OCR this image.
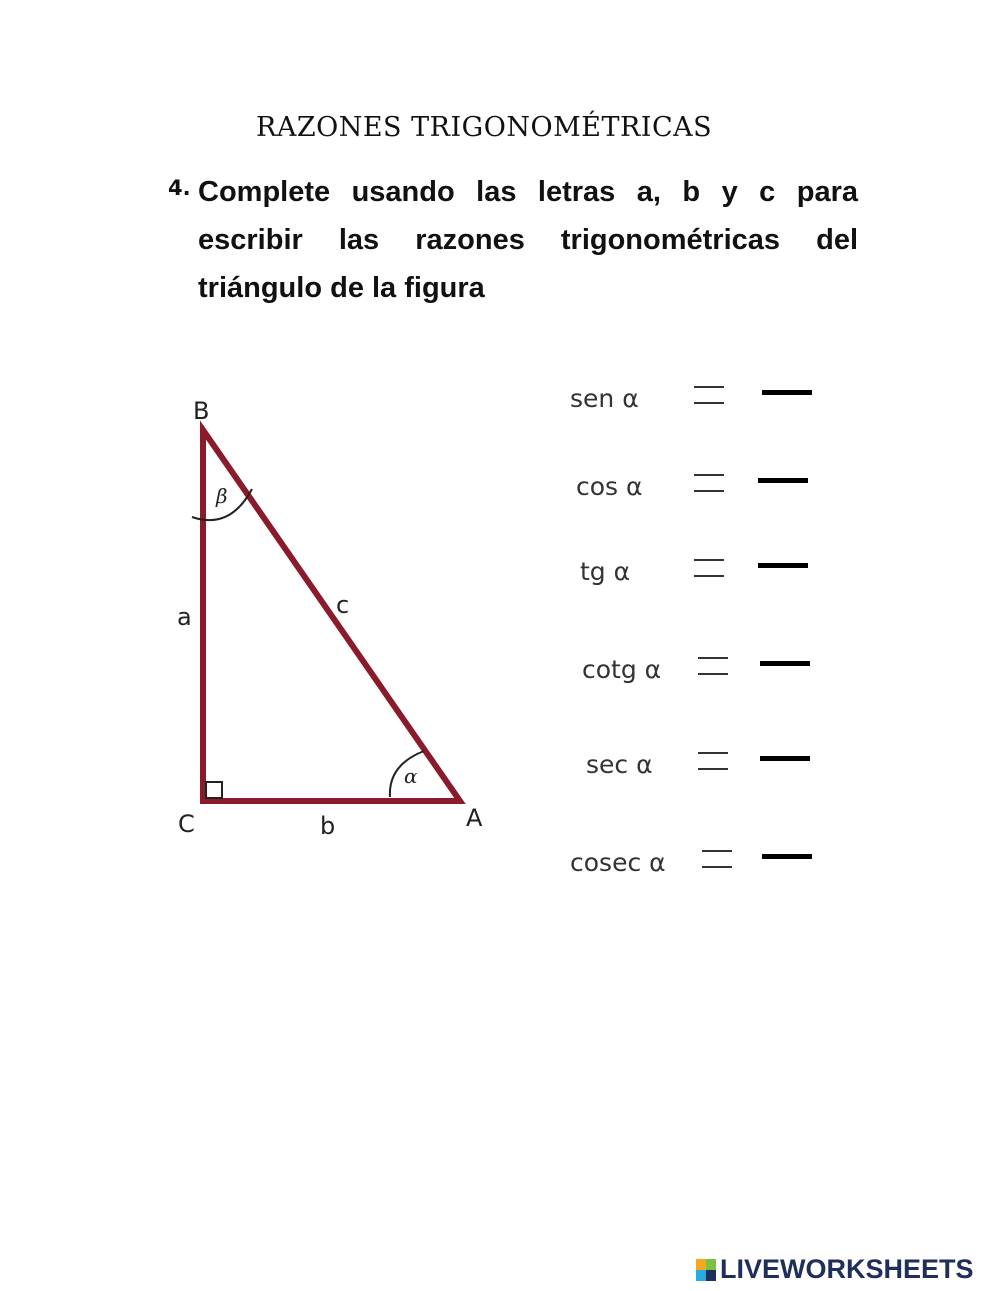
RAZONES TRIGONOMÉTRICAS
4. Complete usando las letras a, b y c para escribir las razones trigonométricas del triángulo de la figura
B
C	A
a
b
c
β
α
sen α
cos α
tg α
cotg α
sec α
cosec α
LIVEWORKSHEETS
